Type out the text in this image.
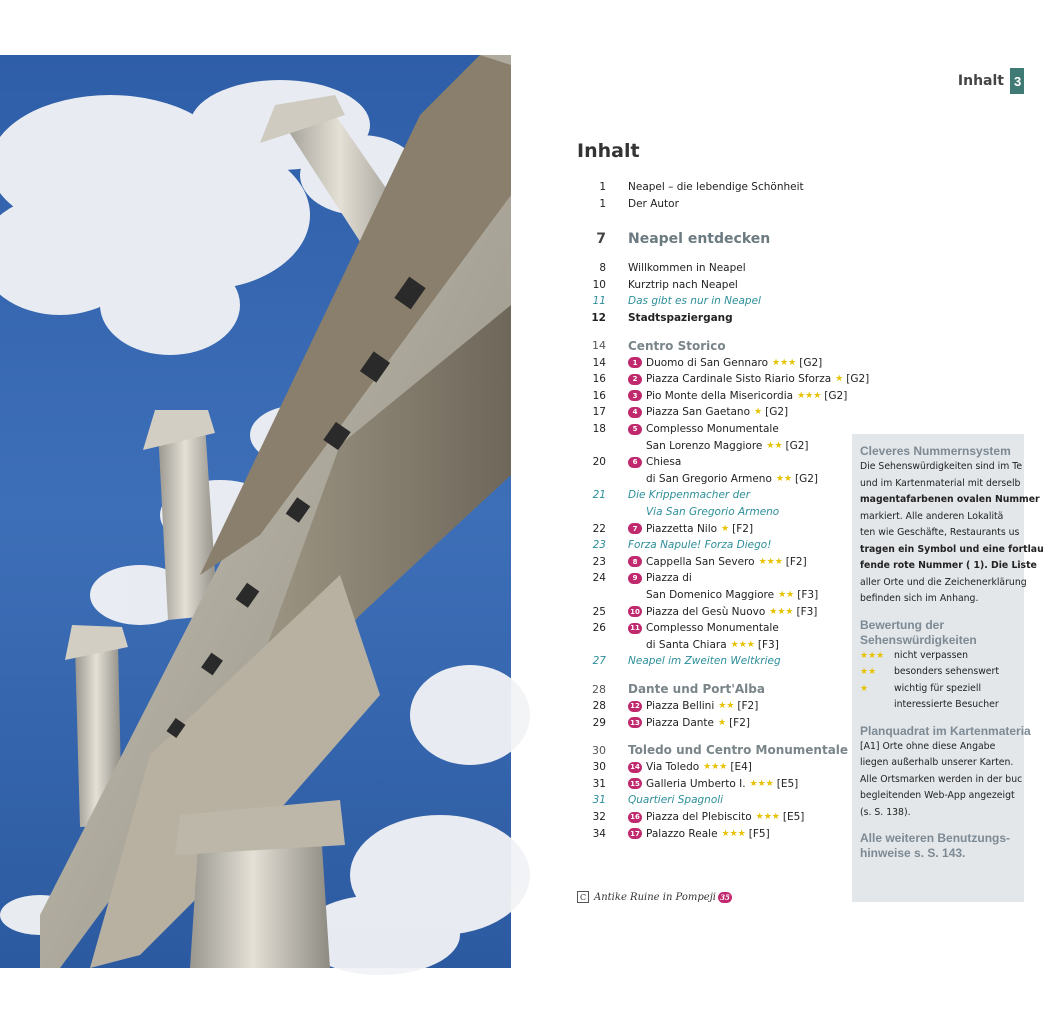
Inhalt 3
Inhalt
1 Neapel – die lebendige Schönheit
1 Der Autor
7 Neapel entdecken
8 Willkommen in Neapel
10 Kurztrip nach Neapel
11 Das gibt es nur in Neapel
12 Stadtspaziergang
14 Centro Storico
14	1 Duomo di San Gennaro ★★★ [G2]
16	2 Piazza Cardinale Sisto Riario Sforza ★ [G2]
16	3 Pio Monte della Misericordia ★★★ [G2]
17	4 Piazza San Gaetano ★ [G2]
18	5 Complesso Monumentale
San Lorenzo Maggiore ★★ [G2]
20	6 Chiesa
di San Gregorio Armeno ★★ [G2]
21 Die Krippenmacher der
Via San Gregorio Armeno
22	7 Piazzetta Nilo ★ [F2]
23 Forza Napule! Forza Diego!
23	8 Cappella San Severo ★★★ [F2]
24	9 Piazza di
San Domenico Maggiore ★★ [F3]
25	10 Piazza del Gesù Nuovo ★★★ [F3]
26	11 Complesso Monumentale
di Santa Chiara ★★★ [F3]
27 Neapel im Zweiten Weltkrieg
28 Dante und Port'Alba
28	12 Piazza Bellini ★★ [F2]
29	13 Piazza Dante ★ [F2]
30 Toledo und Centro Monumentale
30	14 Via Toledo ★★★ [E4]
31	15 Galleria Umberto I. ★★★ [E5]
31 Quartieri Spagnoli
32	16 Piazza del Plebiscito ★★★ [E5]
34	17 Palazzo Reale ★★★ [F5]
C Antike Ruine in Pompeji 35
Cleveres Nummernsystem
Die Sehenswürdigkeiten sind im Te
und im Kartenmaterial mit derselb
magentafarbenen ovalen Nummer
markiert. Alle anderen Lokalitä
ten wie Geschäfte, Restaurants us
tragen ein Symbol und eine fortlau
fende rote Nummer ( 1). Die Liste
aller Orte und die Zeichenerklärung
befinden sich im Anhang.
Bewertung der
Sehenswürdigkeiten
★★★	nicht verpassen
★★	besonders sehenswert
★	wichtig für speziell
interessierte Besucher
Planquadrat im Kartenmateria
[A1] Orte ohne diese Angabe
liegen außerhalb unserer Karten.
Alle Ortsmarken werden in der buc
begleitenden Web-App angezeigt
(s. S. 138).
Alle weiteren Benutzungs-
hinweise s. S. 143.
